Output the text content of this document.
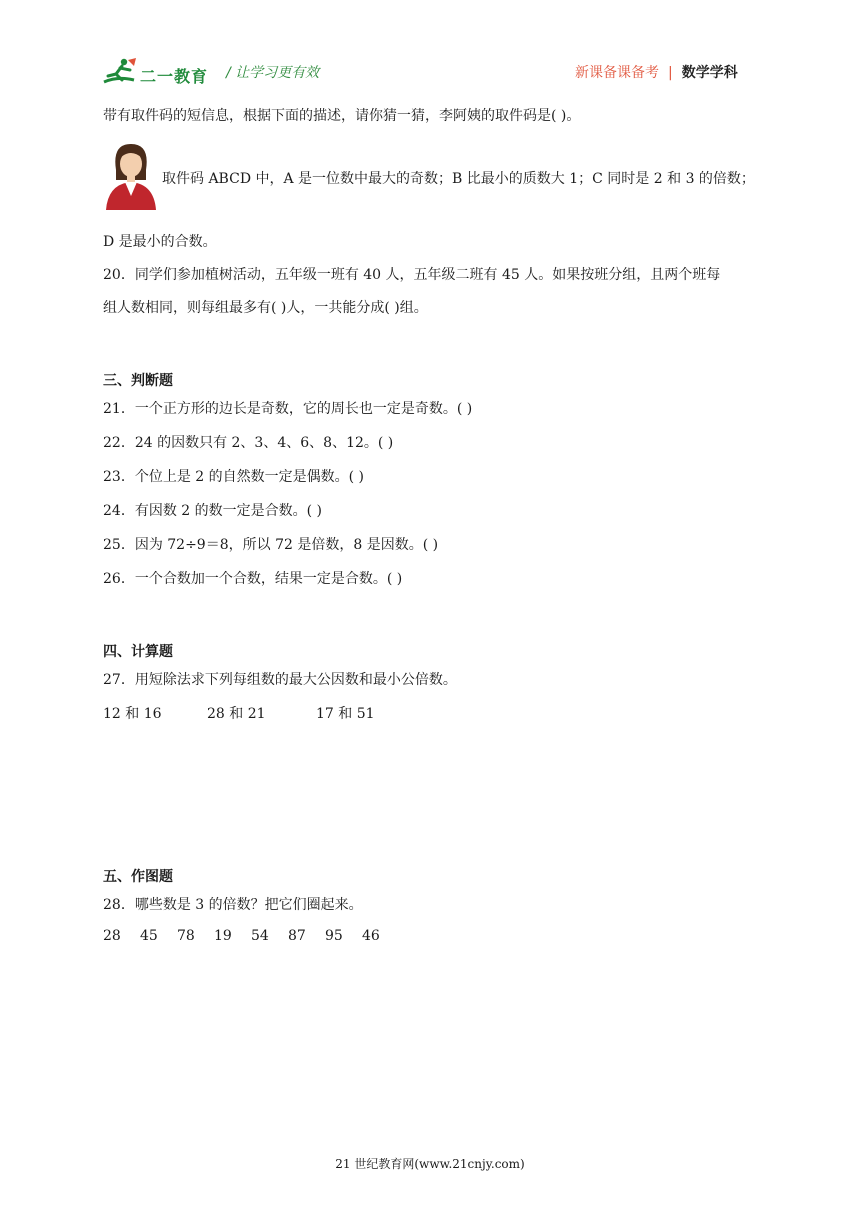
二一教育 / 让学习更有效	新课备课备考 | 数学学科
带有取件码的短信息，根据下面的描述，请你猜一猜，李阿姨的取件码是( )。
取件码 ABCD 中，A 是一位数中最大的奇数；B 比最小的质数大 1；C 同时是 2 和 3 的倍数；
D 是最小的合数。
20．同学们参加植树活动，五年级一班有 40 人，五年级二班有 45 人。如果按班分组，且两个班每
组人数相同，则每组最多有( )人，一共能分成( )组。
三、判断题
21．一个正方形的边长是奇数，它的周长也一定是奇数。( )
22．24 的因数只有 2、3、4、6、8、12。( )
23．个位上是 2 的自然数一定是偶数。( )
24．有因数 2 的数一定是合数。( )
25．因为 72÷9＝8，所以 72 是倍数，8 是因数。( )
26．一个合数加一个合数，结果一定是合数。( )
四、计算题
27．用短除法求下列每组数的最大公因数和最小公倍数。
12 和 16	28 和 21	17 和 51
五、作图题
28．哪些数是 3 的倍数？把它们圈起来。
28 45 78 19 54 87 95 46
21 世纪教育网(www.21cnjy.com)
